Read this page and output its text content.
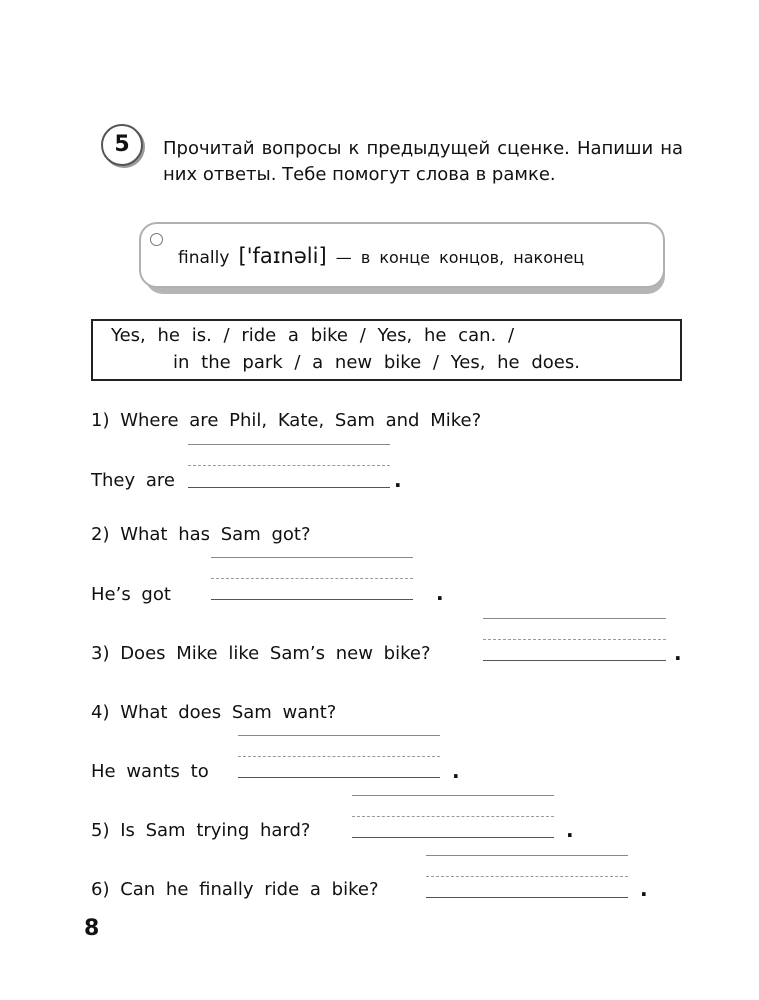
5	Прочитай вопросы к предыдущей сценке. Напиши на них ответы. Тебе помогут слова в рамке.
finally ['faɪnəli] — в конце концов, наконец
Yes, he is. / ride a bike / Yes, he can. /
in the park / a new bike / Yes, he does.
1) Where are Phil, Kate, Sam and Mike?
They are	.
2) What has Sam got?
He’s got	.
3) Does Mike like Sam’s new bike?	.
4) What does Sam want?
He wants to	.
5) Is Sam trying hard?	.
6) Can he finally ride a bike?	.
8
